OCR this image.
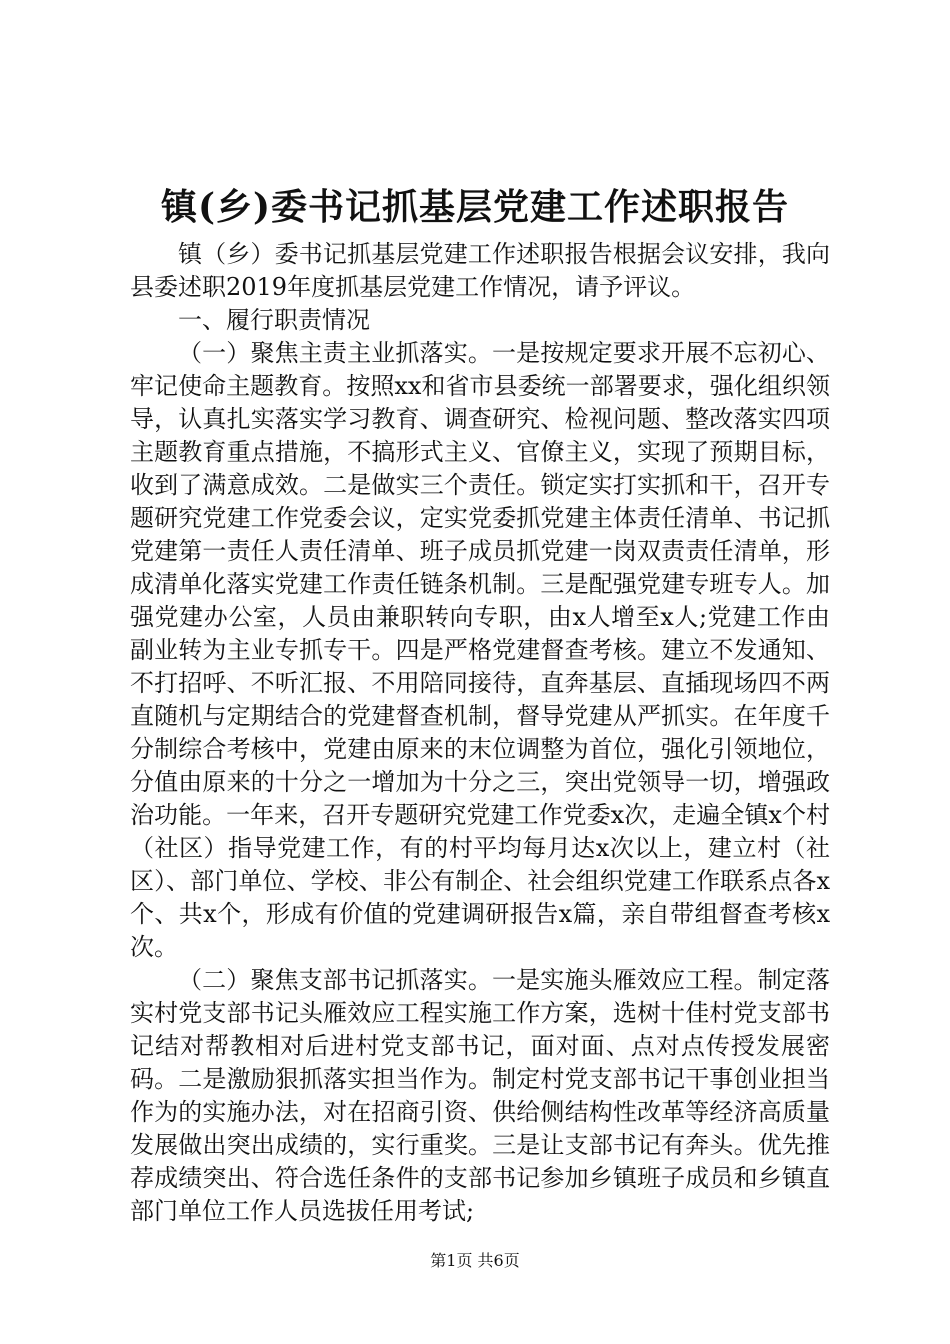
镇(乡)委书记抓基层党建工作述职报告

镇（乡）委书记抓基层党建工作述职报告根据会议安排，我向县委述职2019年度抓基层党建工作情况，请予评议。

一、履行职责情况

（一）聚焦主责主业抓落实。一是按规定要求开展不忘初心、牢记使命主题教育。按照xx和省市县委统一部署要求，强化组织领导，认真扎实落实学习教育、调查研究、检视问题、整改落实四项主题教育重点措施，不搞形式主义、官僚主义，实现了预期目标，收到了满意成效。二是做实三个责任。锁定实打实抓和干，召开专题研究党建工作党委会议，定实党委抓党建主体责任清单、书记抓党建第一责任人责任清单、班子成员抓党建一岗双责责任清单，形成清单化落实党建工作责任链条机制。三是配强党建专班专人。加强党建办公室，人员由兼职转向专职，由x人增至x人;党建工作由副业转为主业专抓专干。四是严格党建督查考核。建立不发通知、不打招呼、不听汇报、不用陪同接待，直奔基层、直插现场四不两直随机与定期结合的党建督查机制，督导党建从严抓实。在年度千分制综合考核中，党建由原来的末位调整为首位，强化引领地位，分值由原来的十分之一增加为十分之三，突出党领导一切，增强政治功能。一年来，召开专题研究党建工作党委x次，走遍全镇x个村（社区）指导党建工作，有的村平均每月达x次以上，建立村（社区）、部门单位、学校、非公有制企、社会组织党建工作联系点各x个、共x个，形成有价值的党建调研报告x篇，亲自带组督查考核x次。

（二）聚焦支部书记抓落实。一是实施头雁效应工程。制定落实村党支部书记头雁效应工程实施工作方案，选树十佳村党支部书记结对帮教相对后进村党支部书记，面对面、点对点传授发展密码。二是激励狠抓落实担当作为。制定村党支部书记干事创业担当作为的实施办法，对在招商引资、供给侧结构性改革等经济高质量发展做出突出成绩的，实行重奖。三是让支部书记有奔头。优先推荐成绩突出、符合选任条件的支部书记参加乡镇班子成员和乡镇直部门单位工作人员选拔任用考试;

第1页 共6页
